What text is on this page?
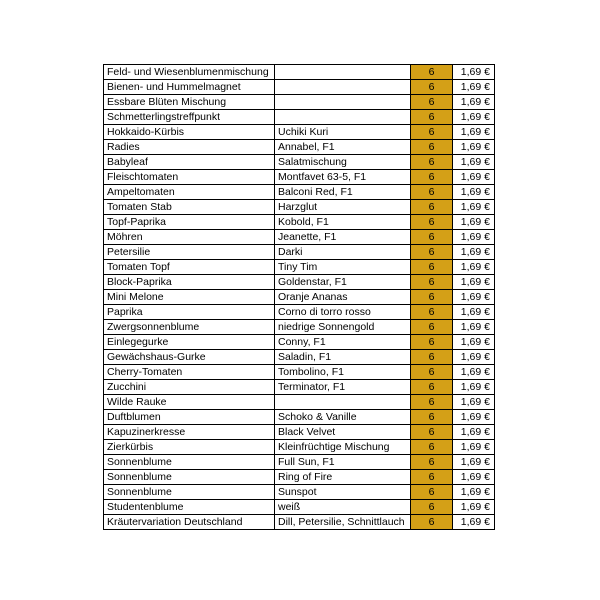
Feld- und Wiesenblumenmischung		6	1,69 €
Bienen- und Hummelmagnet		6	1,69 €
Essbare Blüten Mischung		6	1,69 €
Schmetterlingstreffpunkt		6	1,69 €
Hokkaido-Kürbis	Uchiki Kuri	6	1,69 €
Radies	Annabel, F1	6	1,69 €
Babyleaf	Salatmischung	6	1,69 €
Fleischtomaten	Montfavet 63-5, F1	6	1,69 €
Ampeltomaten	Balconi Red, F1	6	1,69 €
Tomaten Stab	Harzglut	6	1,69 €
Topf-Paprika	Kobold, F1	6	1,69 €
Möhren	Jeanette, F1	6	1,69 €
Petersilie	Darki	6	1,69 €
Tomaten Topf	Tiny Tim	6	1,69 €
Block-Paprika	Goldenstar, F1	6	1,69 €
Mini Melone	Oranje Ananas	6	1,69 €
Paprika	Corno di torro rosso	6	1,69 €
Zwergsonnenblume	niedrige Sonnengold	6	1,69 €
Einlegegurke	Conny, F1	6	1,69 €
Gewächshaus-Gurke	Saladin, F1	6	1,69 €
Cherry-Tomaten	Tombolino, F1	6	1,69 €
Zucchini	Terminator, F1	6	1,69 €
Wilde Rauke		6	1,69 €
Duftblumen	Schoko & Vanille	6	1,69 €
Kapuzinerkresse	Black Velvet	6	1,69 €
Zierkürbis	Kleinfrüchtige Mischung	6	1,69 €
Sonnenblume	Full Sun, F1	6	1,69 €
Sonnenblume	Ring of Fire	6	1,69 €
Sonnenblume	Sunspot	6	1,69 €
Studentenblume	weiß	6	1,69 €
Kräutervariation Deutschland	Dill, Petersilie, Schnittlauch	6	1,69 €
